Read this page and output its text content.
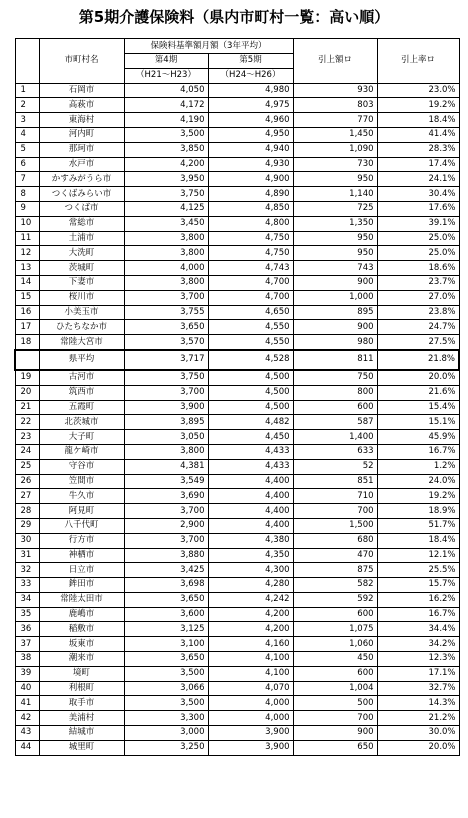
第5期介護保険料（県内市町村一覧：高い順）
	市町村名	保険料基準額月額（3年平均）		引上額ロ	引上率ロ
		第4期	第5期		
		（H21～H23）	（H24～H26）		
1	石岡市	4,050	4,980	930	23.0%
2	高萩市	4,172	4,975	803	19.2%
3	東海村	4,190	4,960	770	18.4%
4	河内町	3,500	4,950	1,450	41.4%
5	那珂市	3,850	4,940	1,090	28.3%
6	水戸市	4,200	4,930	730	17.4%
7	かすみがうら市	3,950	4,900	950	24.1%
8	つくばみらい市	3,750	4,890	1,140	30.4%
9	つくば市	4,125	4,850	725	17.6%
10	常総市	3,450	4,800	1,350	39.1%
11	土浦市	3,800	4,750	950	25.0%
12	大洗町	3,800	4,750	950	25.0%
13	茨城町	4,000	4,743	743	18.6%
14	下妻市	3,800	4,700	900	23.7%
15	桜川市	3,700	4,700	1,000	27.0%
16	小美玉市	3,755	4,650	895	23.8%
17	ひたちなか市	3,650	4,550	900	24.7%
18	常陸大宮市	3,570	4,550	980	27.5%
	県平均	3,717	4,528	811	21.8%
19	古河市	3,750	4,500	750	20.0%
20	筑西市	3,700	4,500	800	21.6%
21	五霞町	3,900	4,500	600	15.4%
22	北茨城市	3,895	4,482	587	15.1%
23	大子町	3,050	4,450	1,400	45.9%
24	龍ケ崎市	3,800	4,433	633	16.7%
25	守谷市	4,381	4,433	52	1.2%
26	笠間市	3,549	4,400	851	24.0%
27	牛久市	3,690	4,400	710	19.2%
28	阿見町	3,700	4,400	700	18.9%
29	八千代町	2,900	4,400	1,500	51.7%
30	行方市	3,700	4,380	680	18.4%
31	神栖市	3,880	4,350	470	12.1%
32	日立市	3,425	4,300	875	25.5%
33	鉾田市	3,698	4,280	582	15.7%
34	常陸太田市	3,650	4,242	592	16.2%
35	鹿嶋市	3,600	4,200	600	16.7%
36	稲敷市	3,125	4,200	1,075	34.4%
37	坂東市	3,100	4,160	1,060	34.2%
38	潮来市	3,650	4,100	450	12.3%
39	境町	3,500	4,100	600	17.1%
40	利根町	3,066	4,070	1,004	32.7%
41	取手市	3,500	4,000	500	14.3%
42	美浦村	3,300	4,000	700	21.2%
43	結城市	3,000	3,900	900	30.0%
44	城里町	3,250	3,900	650	20.0%
